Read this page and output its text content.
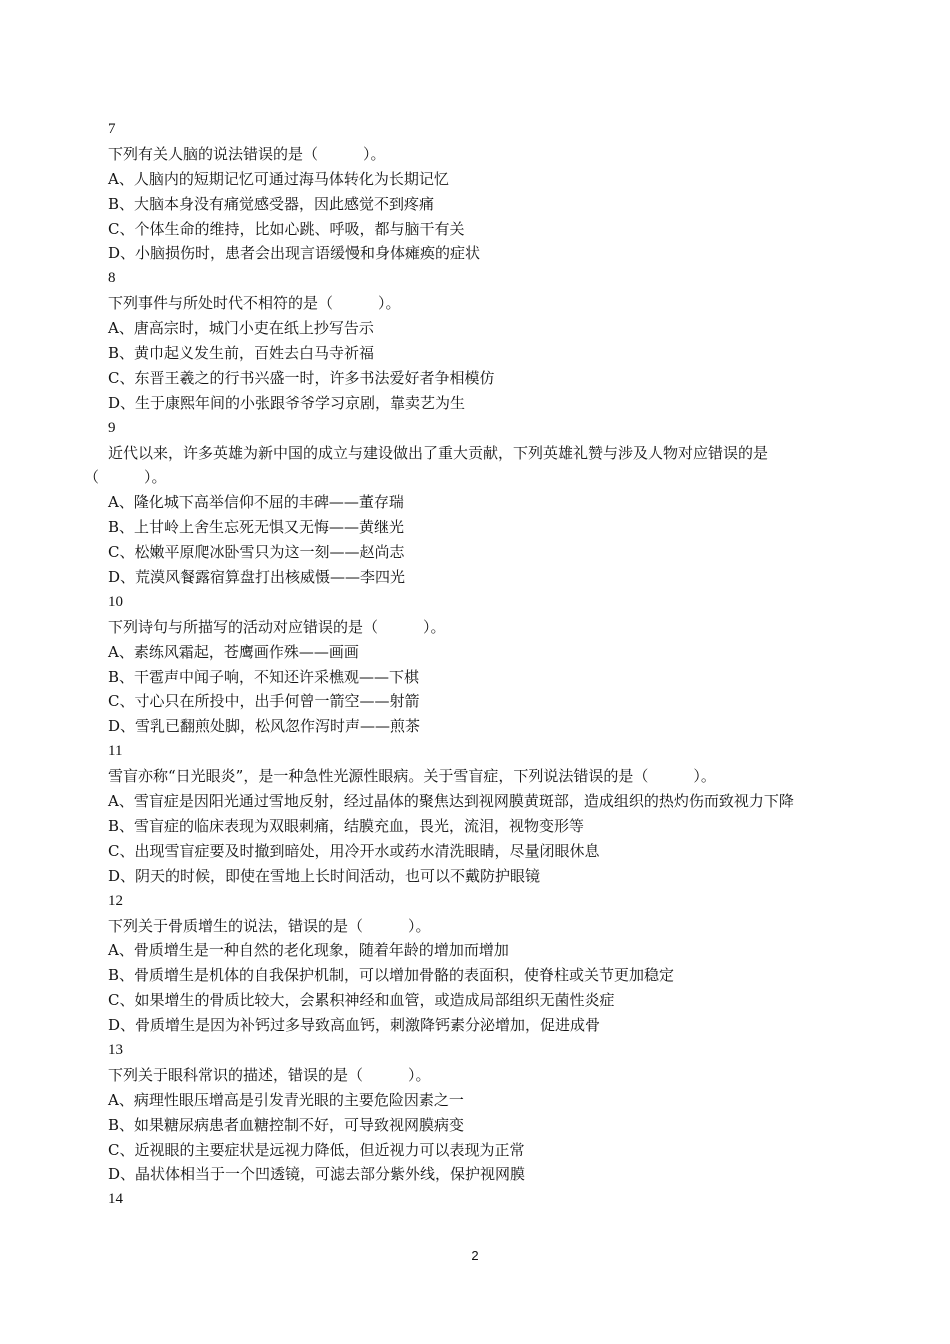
7
下列有关人脑的说法错误的是（　　　）。
A、人脑内的短期记忆可通过海马体转化为长期记忆
B、大脑本身没有痛觉感受器，因此感觉不到疼痛
C、个体生命的维持，比如心跳、呼吸，都与脑干有关
D、小脑损伤时，患者会出现言语缓慢和身体瘫痪的症状
8
下列事件与所处时代不相符的是（　　　）。
A、唐高宗时，城门小吏在纸上抄写告示
B、黄巾起义发生前，百姓去白马寺祈福
C、东晋王羲之的行书兴盛一时，许多书法爱好者争相模仿
D、生于康熙年间的小张跟爷爷学习京剧，靠卖艺为生
9
近代以来，许多英雄为新中国的成立与建设做出了重大贡献，下列英雄礼赞与涉及人物对应错误的是
（　　　）。
A、隆化城下高举信仰不屈的丰碑——董存瑞
B、上甘岭上舍生忘死无惧又无悔——黄继光
C、松嫩平原爬冰卧雪只为这一刻——赵尚志
D、荒漠风餐露宿算盘打出核威慑——李四光
10
下列诗句与所描写的活动对应错误的是（　　　）。
A、素练风霜起，苍鹰画作殊——画画
B、干雹声中闻子响，不知还许采樵观——下棋
C、寸心只在所投中，出手何曾一箭空——射箭
D、雪乳已翻煎处脚，松风忽作泻时声——煎茶
11
雪盲亦称“日光眼炎”，是一种急性光源性眼病。关于雪盲症，下列说法错误的是（　　　）。
A、雪盲症是因阳光通过雪地反射，经过晶体的聚焦达到视网膜黄斑部，造成组织的热灼伤而致视力下降
B、雪盲症的临床表现为双眼刺痛，结膜充血，畏光，流泪，视物变形等
C、出现雪盲症要及时撤到暗处，用冷开水或药水清洗眼睛，尽量闭眼休息
D、阴天的时候，即使在雪地上长时间活动，也可以不戴防护眼镜
12
下列关于骨质增生的说法，错误的是（　　　）。
A、骨质增生是一种自然的老化现象，随着年龄的增加而增加
B、骨质增生是机体的自我保护机制，可以增加骨骼的表面积，使脊柱或关节更加稳定
C、如果增生的骨质比较大，会累积神经和血管，或造成局部组织无菌性炎症
D、骨质增生是因为补钙过多导致高血钙，刺激降钙素分泌增加，促进成骨
13
下列关于眼科常识的描述，错误的是（　　　）。
A、病理性眼压增高是引发青光眼的主要危险因素之一
B、如果糖尿病患者血糖控制不好，可导致视网膜病变
C、近视眼的主要症状是远视力降低，但近视力可以表现为正常
D、晶状体相当于一个凹透镜，可滤去部分紫外线，保护视网膜
14
2
